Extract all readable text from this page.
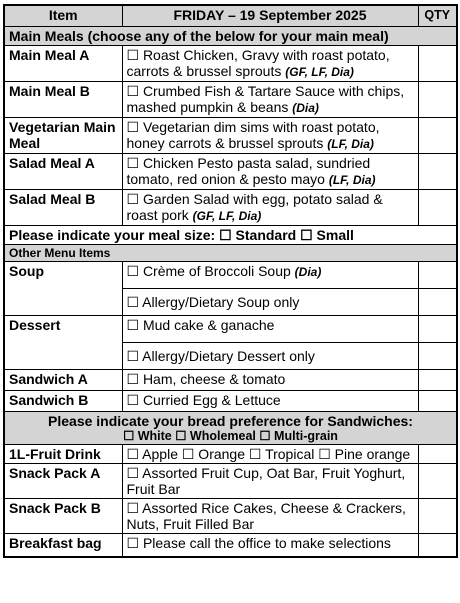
Item	FRIDAY – 19 September 2025	QTY
Main Meals (choose any of the below for your main meal)		
Main Meal A	☐ Roast Chicken, Gravy with roast potato, carrots & brussel sprouts (GF, LF, Dia)	
Main Meal B	☐ Crumbed Fish & Tartare Sauce with chips, mashed pumpkin & beans (Dia)	
Vegetarian Main Meal	☐ Vegetarian dim sims with roast potato, honey carrots & brussel sprouts (LF, Dia)	
Salad Meal A	☐ Chicken Pesto pasta salad, sundried tomato, red onion & pesto mayo (LF, Dia)	
Salad Meal B	☐ Garden Salad with egg, potato salad & roast pork (GF, LF, Dia)	
Please indicate your meal size: ☐ Standard ☐ Small		
Other Menu Items		
Soup	☐ Crème of Broccoli Soup (Dia)	
	☐ Allergy/Dietary Soup only	
Dessert	☐ Mud cake & ganache	
	☐ Allergy/Dietary Dessert only	
Sandwich A	☐ Ham, cheese & tomato	
Sandwich B	☐ Curried Egg & Lettuce	
Please indicate your bread preference for Sandwiches:
☐ White ☐ Wholemeal ☐ Multi-grain		

1L-Fruit Drink	☐ Apple ☐ Orange ☐ Tropical ☐ Pine orange	
Snack Pack A	☐ Assorted Fruit Cup, Oat Bar, Fruit Yoghurt, Fruit Bar	
Snack Pack B	☐ Assorted Rice Cakes, Cheese & Crackers, Nuts, Fruit Filled Bar	
Breakfast bag	☐ Please call the office to make selections	
